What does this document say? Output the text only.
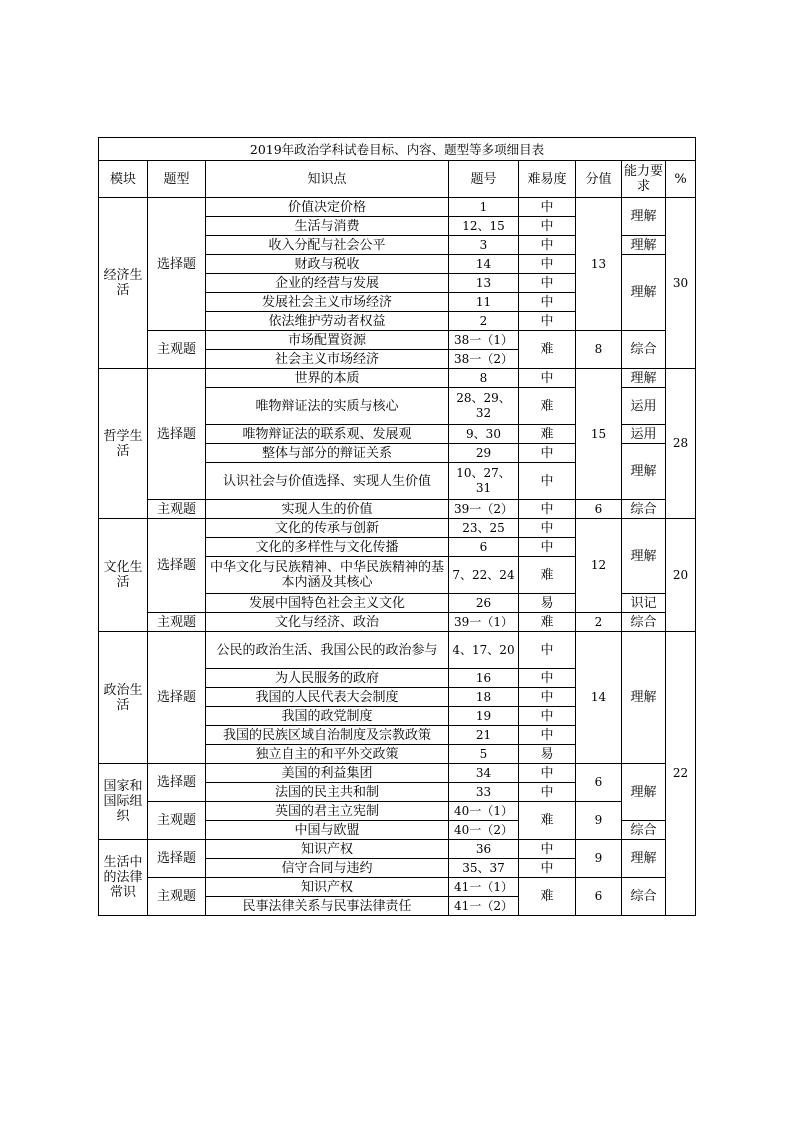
2019年政治学科试卷目标、内容、题型等多项细目表							
模块	题型	知识点	题号	难易度	分值	能力要求	%
经济生活	选择题	价值决定价格	1	中	13	理解	30
		生活与消费	12、15	中			
		收入分配与社会公平	3	中		理解	
		财政与税收	14	中		理解	
		企业的经营与发展	13	中			
		发展社会主义市场经济	11	中			
		依法维护劳动者权益	2	中			
	主观题	市场配置资源	38一（1）	难	8	综合	
		社会主义市场经济	38一（2）				
哲学生活	选择题	世界的本质	8	中	15	理解	28
		唯物辩证法的实质与核心	28、29、32	难		运用	
		唯物辩证法的联系观、发展观	9、30	难		运用	
		整体与部分的辩证关系	29	中		理解	
		认识社会与价值选择、实现人生价值	10、27、31	中			
	主观题	实现人生的价值	39一（2）	中	6	综合	
文化生活	选择题	文化的传承与创新	23、25	中	12	理解	20
		文化的多样性与文化传播	6	中			
		中华文化与民族精神、中华民族精神的基本内涵及其核心	7、22、24	难			
		发展中国特色社会主义文化	26	易		识记	
	主观题	文化与经济、政治	39一（1）	难	2	综合	
政治生活	选择题	公民的政治生活、我国公民的政治参与	4、17、20	中	14	理解	22
		为人民服务的政府	16	中			
		我国的人民代表大会制度	18	中			
		我国的政党制度	19	中			
		我国的民族区域自治制度及宗教政策	21	中			
		独立自主的和平外交政策	5	易			
国家和国际组织	选择题	美国的利益集团	34	中	6	理解	
		法国的民主共和制	33	中			
	主观题	英国的君主立宪制	40一（1）	难	9		
		中国与欧盟	40一（2）			综合	
生活中的法律常识	选择题	知识产权	36	中	9	理解	
		信守合同与违约	35、37	中			
	主观题	知识产权	41一（1）	难	6	综合	
		民事法律关系与民事法律责任	41一（2）				
